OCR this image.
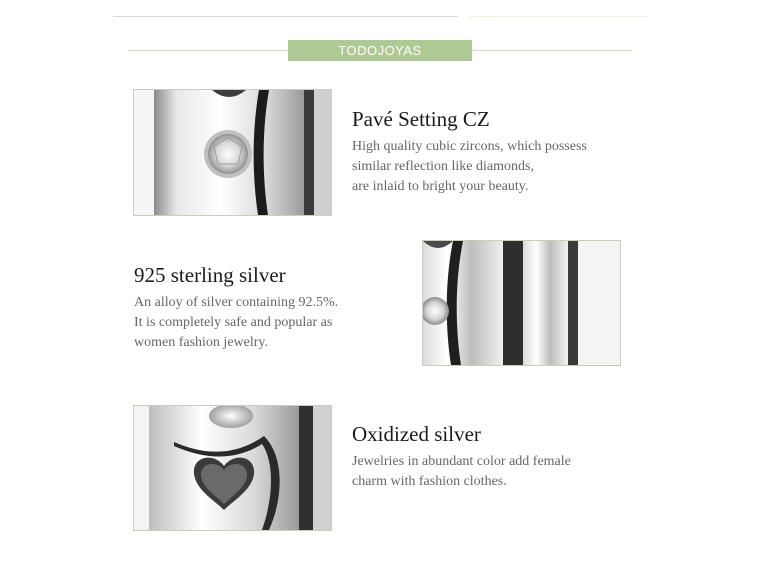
TODOJOYAS
Pavé Setting CZ
High quality cubic zircons, which possess
similar reflection like diamonds,
are inlaid to bright your beauty.
925 sterling silver
An alloy of silver containing 92.5%.
It is completely safe and popular as
women fashion jewelry.
Oxidized silver
Jewelries in abundant color add female
charm with fashion clothes.
